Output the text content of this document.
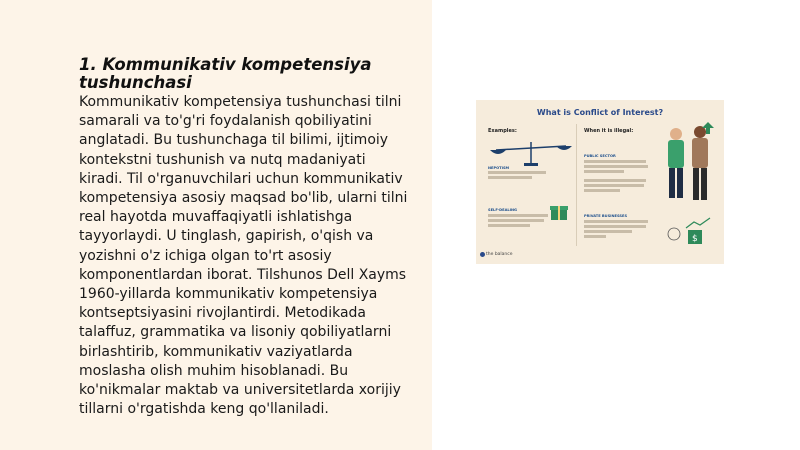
1. Kommunikativ kompetensiya tushunchasi

Kommunikativ kompetensiya tushunchasi tilni samarali va to'g'ri foydalanish qobiliyatini anglatadi. Bu tushunchaga til bilimi, ijtimoiy kontekstni tushunish va nutq madaniyati kiradi. Til o'rganuvchilari uchun kommunikativ kompetensiya asosiy maqsad bo'lib, ularni tilni real hayotda muvaffaqiyatli ishlatishga tayyorlaydi. U tinglash, gapirish, o'qish va yozishni o'z ichiga olgan to'rt asosiy komponentlardan iborat. Tilshunos Dell Xayms 1960-yillarda kommunikativ kompetensiya kontseptsiyasini rivojlantirdi. Metodikada talaffuz, grammatika va lisoniy qobiliyatlarni birlashtirib, kommunikativ vaziyatlarda moslasha olish muhim hisoblanadi. Bu ko'nikmalar maktab va universitetlarda xorijiy tillarni o'rgatishda keng qo'llaniladi.

What is Conflict of Interest?
Examples:	When it is illegal:
NEPOTISM
SELF-DEALING
PUBLIC SECTOR
PRIVATE BUSINESSES
$
the balance
